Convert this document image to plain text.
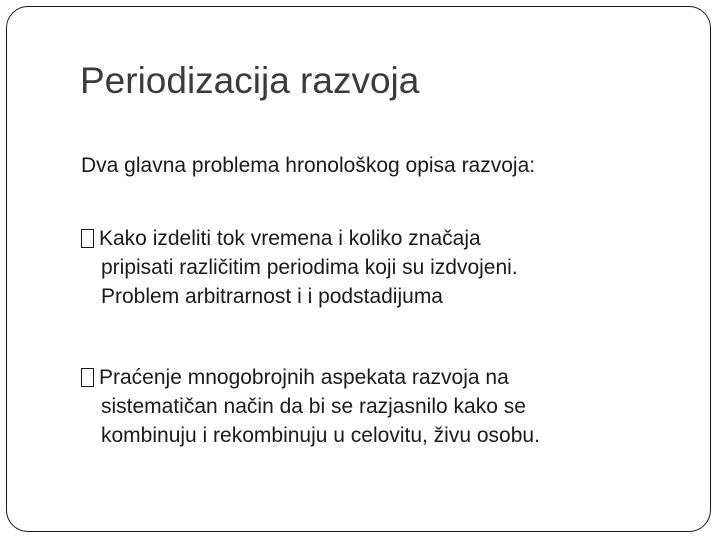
Periodizacija razvoja

Dva glavna problema hronološkog opisa razvoja:

Kako izdeliti tok vremena i koliko značaja
pripisati različitim periodima koji su izdvojeni.
Problem arbitrarnost i i podstadijuma
Praćenje mnogobrojnih aspekata razvoja na
sistematičan način da bi se razjasnilo kako se
kombinuju i rekombinuju u celovitu, živu osobu.
